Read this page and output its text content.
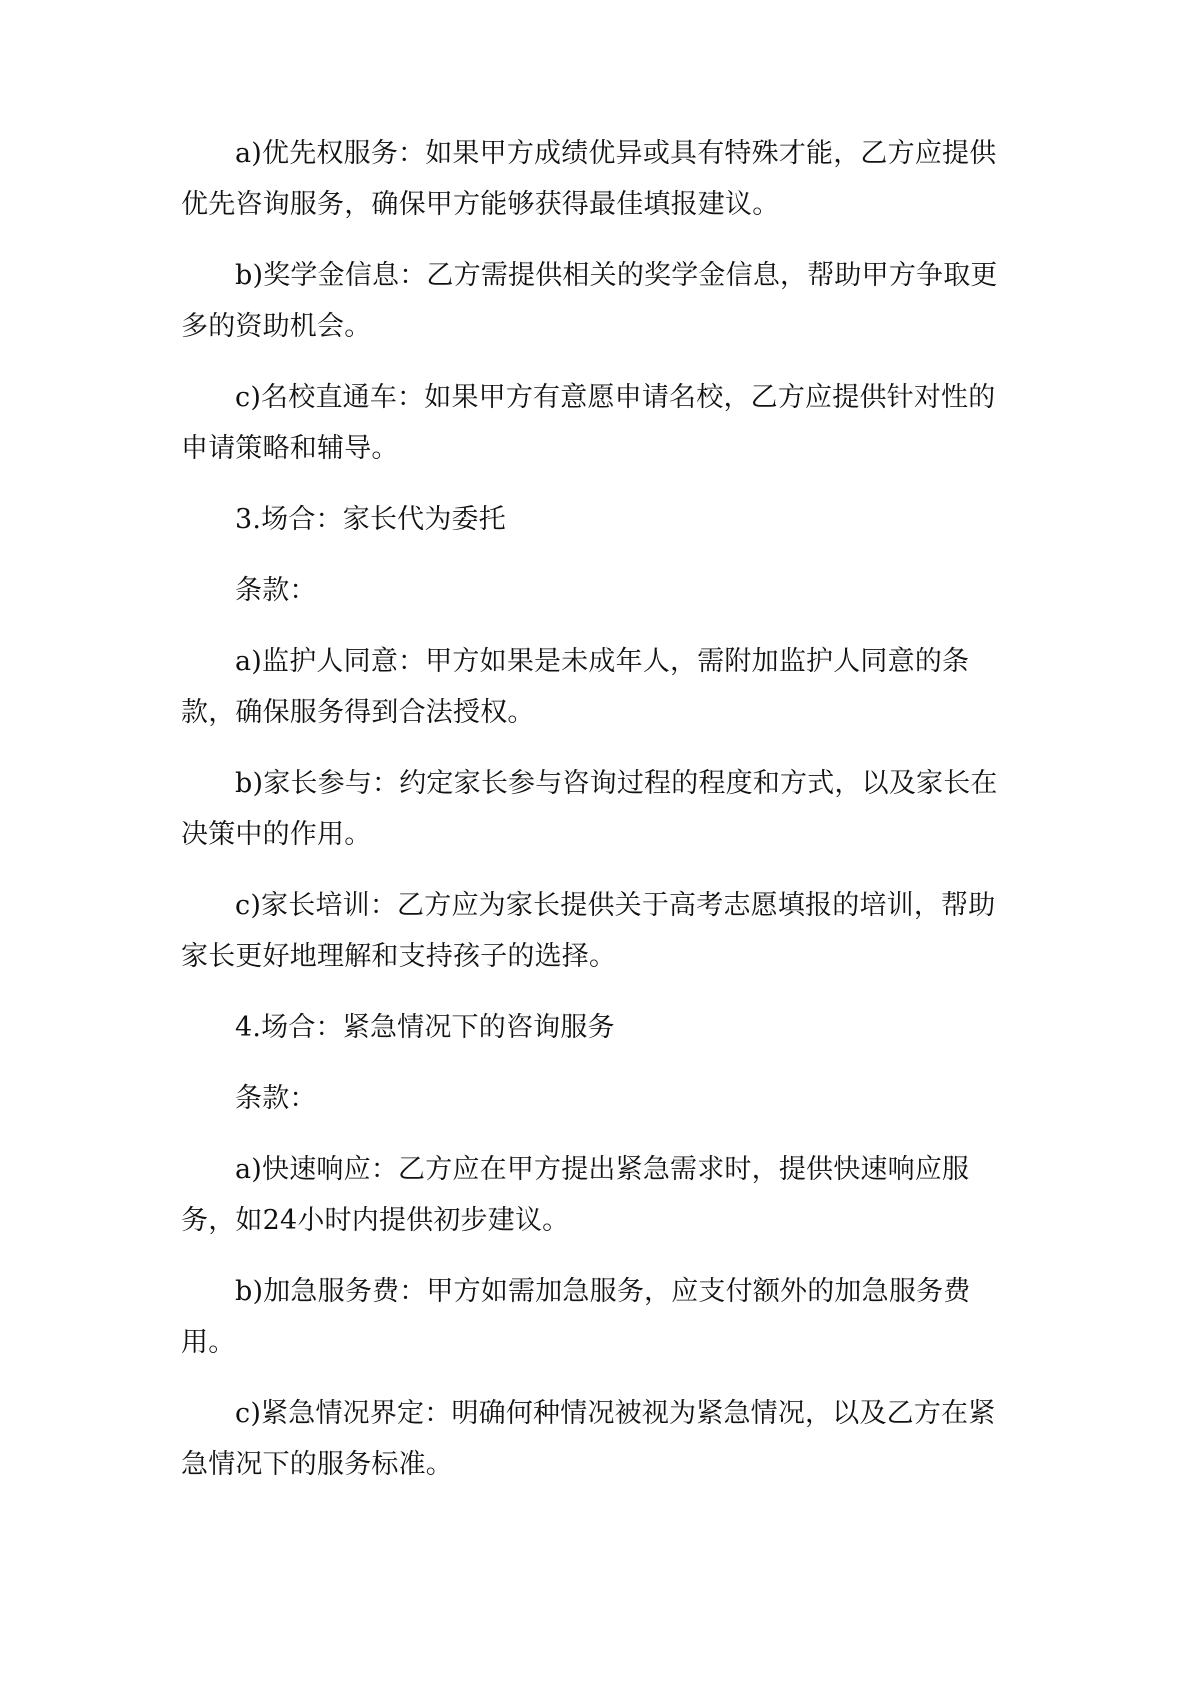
a)优先权服务：如果甲方成绩优异或具有特殊才能，乙方应提供优先咨询服务，确保甲方能够获得最佳填报建议。

b)奖学金信息：乙方需提供相关的奖学金信息，帮助甲方争取更多的资助机会。

c)名校直通车：如果甲方有意愿申请名校，乙方应提供针对性的申请策略和辅导。

3.场合：家长代为委托

条款：

a)监护人同意：甲方如果是未成年人，需附加监护人同意的条款，确保服务得到合法授权。

b)家长参与：约定家长参与咨询过程的程度和方式，以及家长在决策中的作用。

c)家长培训：乙方应为家长提供关于高考志愿填报的培训，帮助家长更好地理解和支持孩子的选择。

4.场合：紧急情况下的咨询服务

条款：

a)快速响应：乙方应在甲方提出紧急需求时，提供快速响应服务，如24小时内提供初步建议。

b)加急服务费：甲方如需加急服务，应支付额外的加急服务费用。

c)紧急情况界定：明确何种情况被视为紧急情况，以及乙方在紧急情况下的服务标准。
